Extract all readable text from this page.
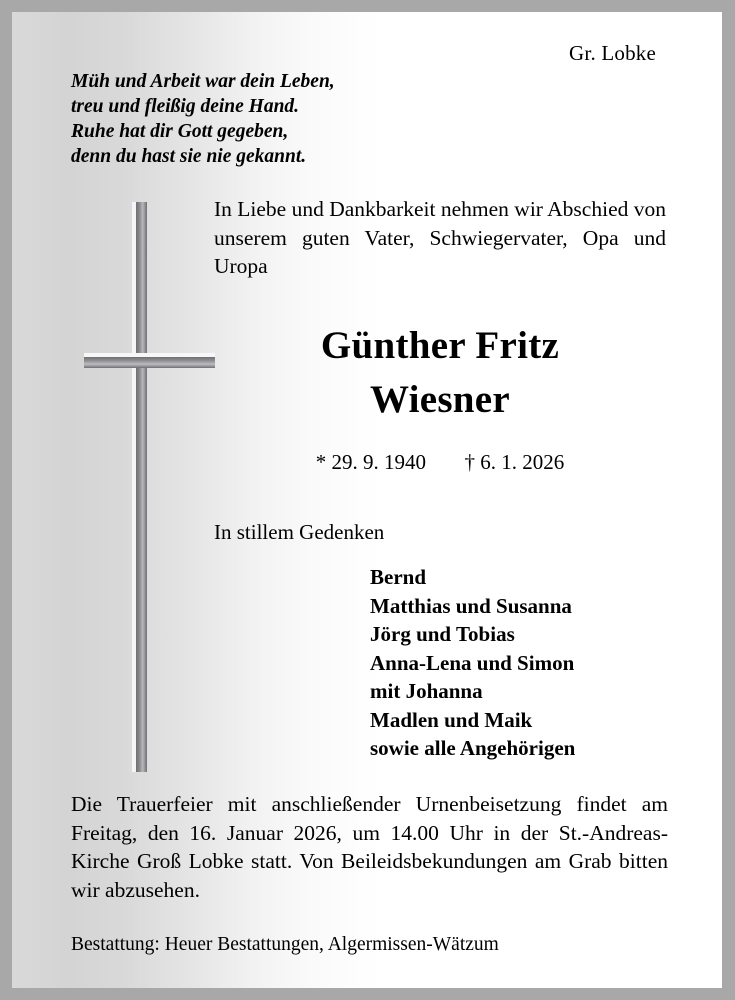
Gr. Lobke
Müh und Arbeit war dein Leben,
treu und fleißig deine Hand.
Ruhe hat dir Gott gegeben,
denn du hast sie nie gekannt.
In Liebe und Dankbarkeit nehmen wir Abschied von unserem guten Vater, Schwiegervater, Opa und Uropa
Günther Fritz
Wiesner
* 29. 9. 1940 † 6. 1. 2026
In stillem Gedenken
Bernd
Matthias und Susanna
Jörg und Tobias
Anna-Lena und Simon
mit Johanna
Madlen und Maik
sowie alle Angehörigen
Die Trauerfeier mit anschließender Urnenbeisetzung findet am Freitag, den 16. Januar 2026, um 14.00 Uhr in der St.-Andreas-Kirche Groß Lobke statt. Von Beileidsbekundungen am Grab bitten wir abzusehen.
Bestattung: Heuer Bestattungen, Algermissen-Wätzum
